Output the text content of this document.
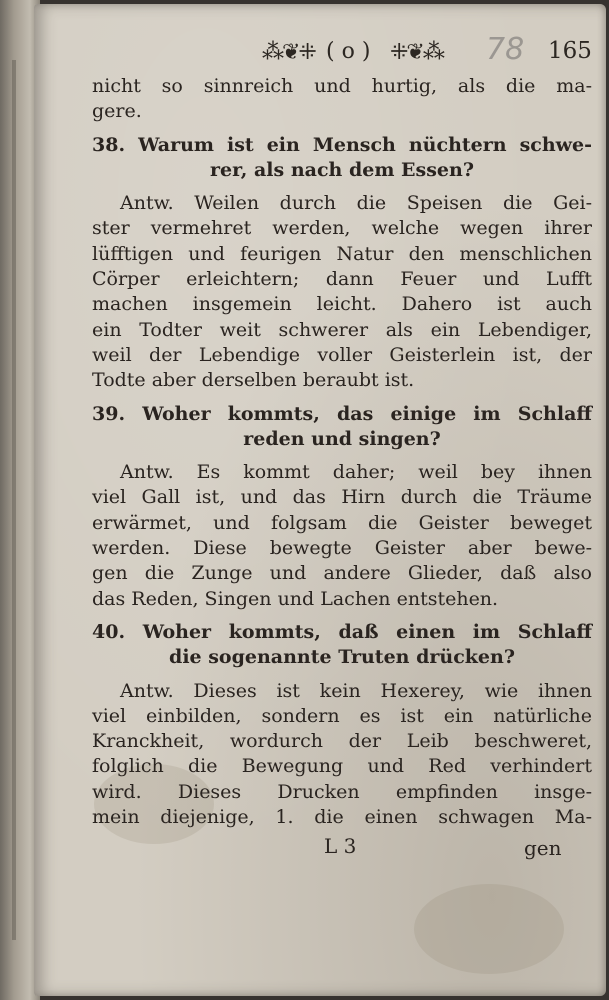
⁂❦⁜ ( o ) ⁜❦⁂ 78 165
nicht so sinnreich und hurtig, als die ma-
gere.
38. Warum ist ein Mensch nüchtern schwe-
rer, als nach dem Essen?
Antw. Weilen durch die Speisen die Gei-
ster vermehret werden, welche wegen ihrer
lüfftigen und feurigen Natur den menschlichen
Cörper erleichtern; dann Feuer und Lufft
machen insgemein leicht. Dahero ist auch
ein Todter weit schwerer als ein Lebendiger,
weil der Lebendige voller Geisterlein ist, der
Todte aber derselben beraubt ist.
39. Woher kommts, das einige im Schlaff
reden und singen?
Antw. Es kommt daher; weil bey ihnen
viel Gall ist, und das Hirn durch die Träume
erwärmet, und folgsam die Geister beweget
werden. Diese bewegte Geister aber bewe-
gen die Zunge und andere Glieder, daß also
das Reden, Singen und Lachen entstehen.
40. Woher kommts, daß einen im Schlaff
die sogenannte Truten drücken?
Antw. Dieses ist kein Hexerey, wie ihnen
viel einbilden, sondern es ist ein natürliche
Kranckheit, wordurch der Leib beschweret,
folglich die Bewegung und Red verhindert
wird. Dieses Drucken empfinden insge-
mein diejenige, 1. die einen schwagen Ma-
L 3	gen
